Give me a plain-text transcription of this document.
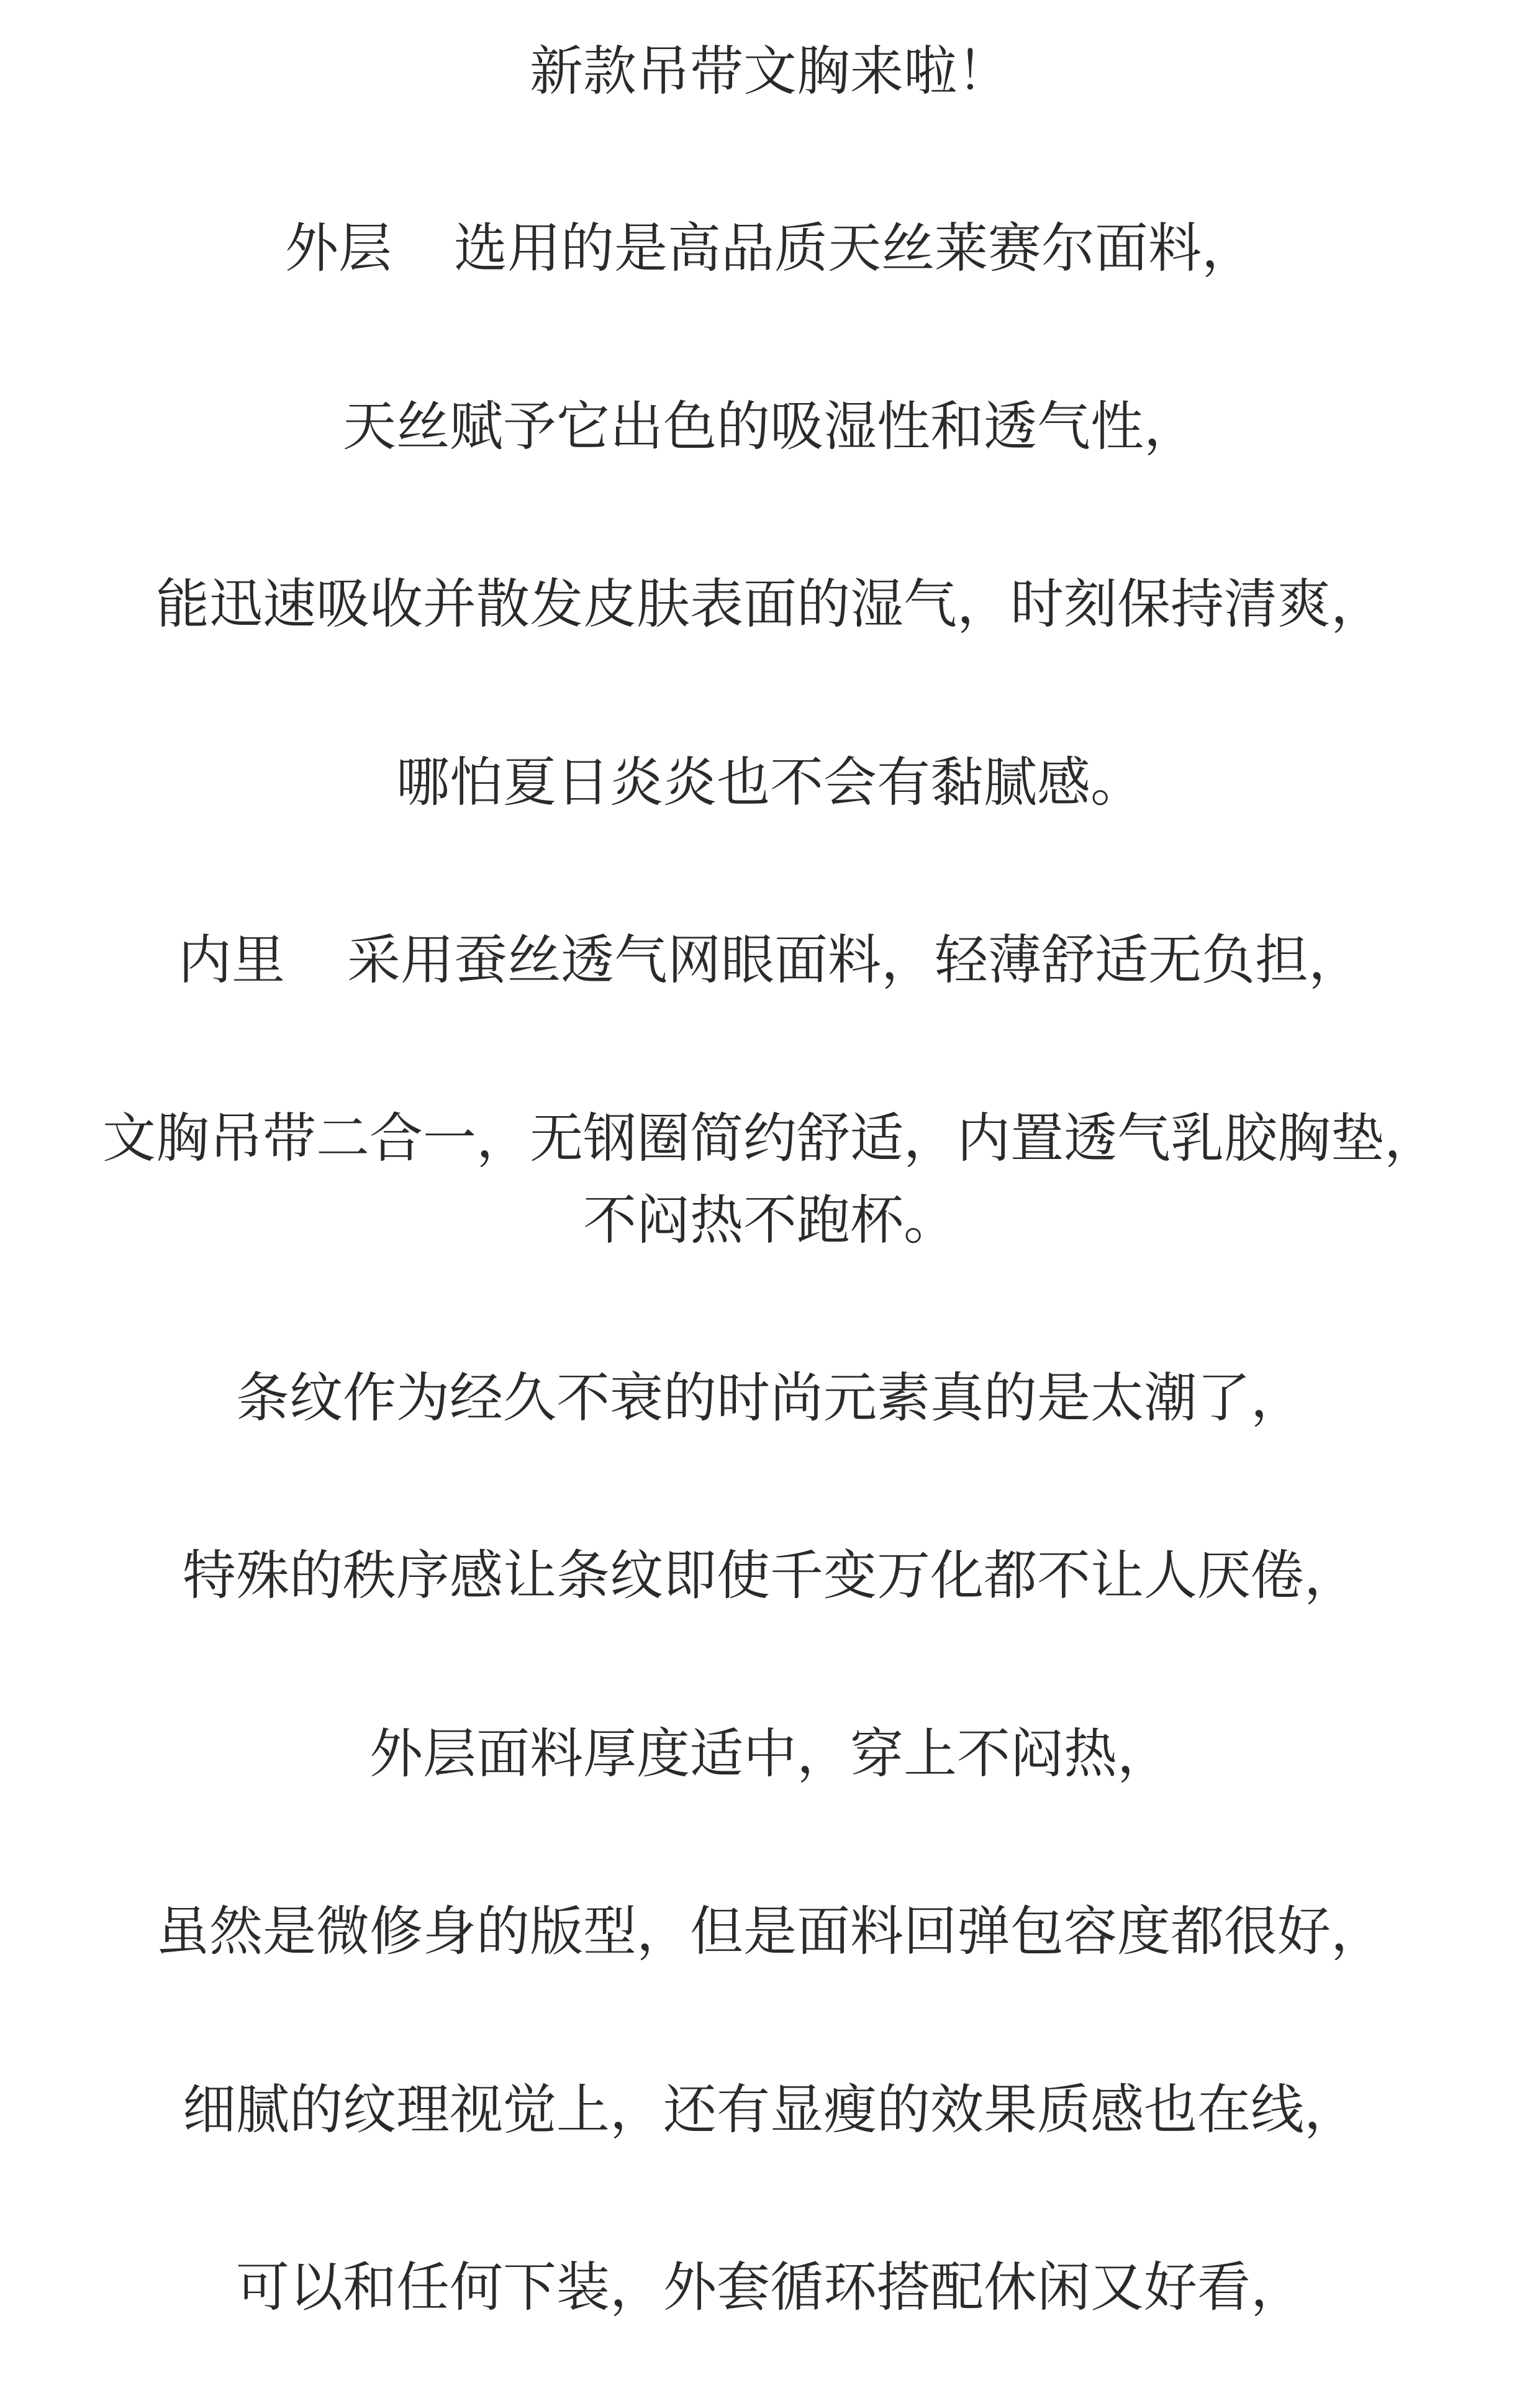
新款吊带文胸来啦！
外层 选用的是高品质天丝莱赛尔面料，
天丝赋予它出色的吸湿性和透气性，
能迅速吸收并散发皮肤表面的湿气，时刻保持清爽，
哪怕夏日炎炎也不会有黏腻感。
内里 采用蚕丝透气网眼面料，轻薄舒适无负担，
文胸吊带二合一，无钢圈简约舒适，内置透气乳胶胸垫，
不闷热不跑杯。
条纹作为经久不衰的时尚元素真的是太潮了，
特殊的秩序感让条纹即使千变万化都不让人厌倦，
外层面料厚度适中，穿上不闷热，
虽然是微修身的版型，但是面料回弹包容度都很好，
细腻的纹理视觉上，还有显瘦的效果质感也在线，
可以和任何下装，外套循环搭配休闲又好看，
